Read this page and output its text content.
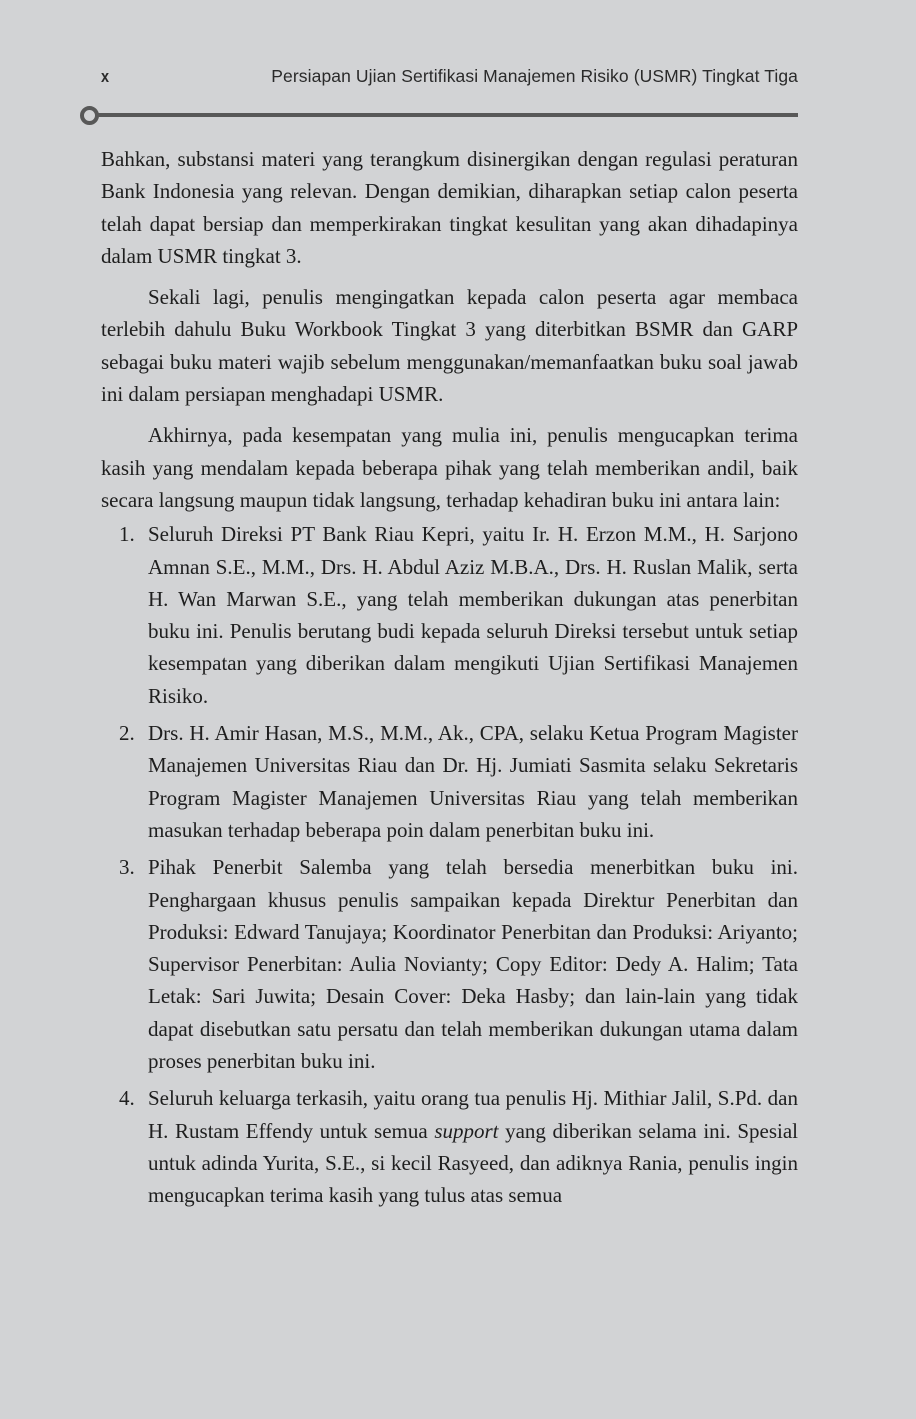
x	Persiapan Ujian Sertifikasi Manajemen Risiko (USMR) Tingkat Tiga

Bahkan, substansi materi yang terangkum disinergikan dengan regulasi peraturan Bank Indonesia yang relevan. Dengan demikian, diharapkan setiap calon peserta telah dapat bersiap dan memperkirakan tingkat kesulitan yang akan dihadapinya dalam USMR tingkat 3.

Sekali lagi, penulis mengingatkan kepada calon peserta agar membaca terlebih dahulu Buku Workbook Tingkat 3 yang diterbitkan BSMR dan GARP sebagai buku materi wajib sebelum menggunakan/memanfaatkan buku soal jawab ini dalam persiapan menghadapi USMR.

Akhirnya, pada kesempatan yang mulia ini, penulis mengucapkan terima kasih yang mendalam kepada beberapa pihak yang telah memberikan andil, baik secara langsung maupun tidak langsung, terhadap kehadiran buku ini antara lain:

1. Seluruh Direksi PT Bank Riau Kepri, yaitu Ir. H. Erzon M.M., H. Sarjono Amnan S.E., M.M., Drs. H. Abdul Aziz M.B.A., Drs. H. Ruslan Malik, serta H. Wan Marwan S.E., yang telah memberikan dukungan atas penerbitan buku ini. Penulis berutang budi kepada seluruh Direksi tersebut untuk setiap kesempatan yang diberikan dalam mengikuti Ujian Sertifikasi Manajemen Risiko.
2. Drs. H. Amir Hasan, M.S., M.M., Ak., CPA, selaku Ketua Program Magister Manajemen Universitas Riau dan Dr. Hj. Jumiati Sasmita selaku Sekretaris Program Magister Manajemen Universitas Riau yang telah memberikan masukan terhadap beberapa poin dalam penerbitan buku ini.
3. Pihak Penerbit Salemba yang telah bersedia menerbitkan buku ini. Penghargaan khusus penulis sampaikan kepada Direktur Penerbitan dan Produksi: Edward Tanujaya; Koordinator Penerbitan dan Produksi: Ariyanto; Supervisor Penerbitan: Aulia Novianty; Copy Editor: Dedy A. Halim; Tata Letak: Sari Juwita; Desain Cover: Deka Hasby; dan lain-lain yang tidak dapat disebutkan satu persatu dan telah memberikan dukungan utama dalam proses penerbitan buku ini.
4. Seluruh keluarga terkasih, yaitu orang tua penulis Hj. Mithiar Jalil, S.Pd. dan H. Rustam Effendy untuk semua support yang diberikan selama ini. Spesial untuk adinda Yurita, S.E., si kecil Rasyeed, dan adiknya Rania, penulis ingin mengucapkan terima kasih yang tulus atas semua
